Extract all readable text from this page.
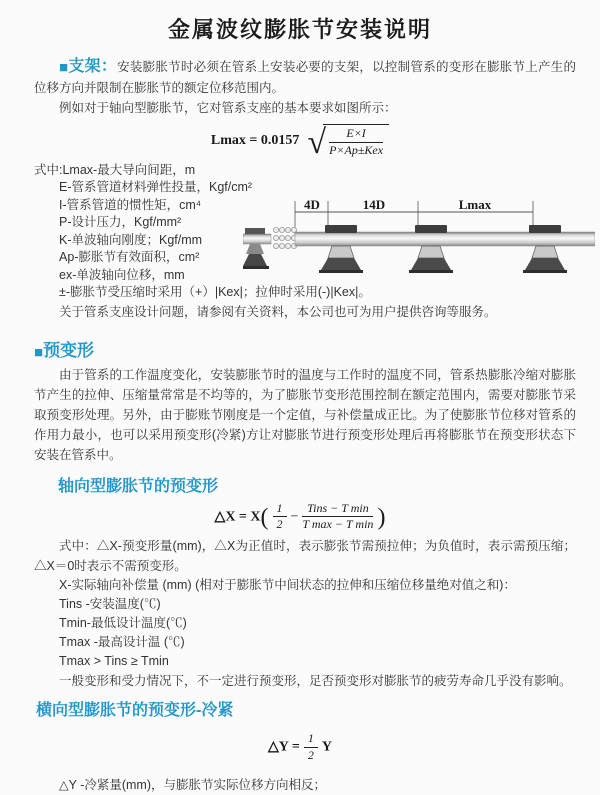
金属波纹膨胀节安装说明

■支架：安装膨胀节时必须在管系上安装必要的支架，以控制管系的变形在膨胀节上产生的位移方向并限制在膨胀节的额定位移范围内。

例如对于轴向型膨胀节，它对管系支座的基本要求如图所示：

Lmax = 0.0157 √ $\frac{E\times I}{\text{P×Ap±Kex}}$
式中:Lmax-最大导向间距，m
E-管系管道材料弹性投量，Kgf/cm²
I-管系管道的惯性矩，cm⁴
P-设计压力，Kgf/mm²
K-单波轴向刚度；Kgf/mm
Ap-膨胀节有效面积，cm²
ex-单波轴向位移，mm
±-膨胀节受压缩时采用（+）|Kex|；拉伸时采用(-)|Kex|。

关于管系支座设计问题，请参阅有关资料，本公司也可为用户提供咨询等服务。

4D	14D	Lmax
■预变形

由于管系的工作温度变化，安装膨胀节时的温度与工作时的温度不同，管系热膨胀冷缩对膨胀节产生的拉伸、压缩量常常是不均等的，为了膨胀节变形范围控制在额定范围内，需要对膨胀节采取预变形处理。另外，由于膨账节刚度是一个定值，与补偿量成正比。为了使膨胀节位移对管系的作用力最小，也可以采用预变形(冷紧)方让对膨胀节进行预变形处理后再将膨胀节在预变形状态下安装在管系中。

轴向型膨胀节的预变形
△X = $X( \frac{1}{2} - \frac{\text{Tins − T min}}{\text{T max − T min}}$ )

式中：△X-预变形量(mm)，△X为正值时，表示膨张节需预拉伸；为负值时，表示需预压缩；△X＝0时表示不需预变形。

X-实际轴向补偿量 (mm) (相对于膨胀节中间状态的拉伸和压缩位移量绝对值之和)：
Tins -安装温度(℃)
Tmin-最低设计温度(℃)
Tmax -最高设计温 (℃)
Tmax > Tins ≥ Tmin

一般变形和受力情况下，不一定进行预变形，足否预变形对膨胀节的疲劳寿命几乎没有影响。

横向型膨胀节的预变形-冷紧
△Y = $\frac{1}{2}$ Y

△Y -冷紧量(mm)，与膨胀节实际位移方向相反；
